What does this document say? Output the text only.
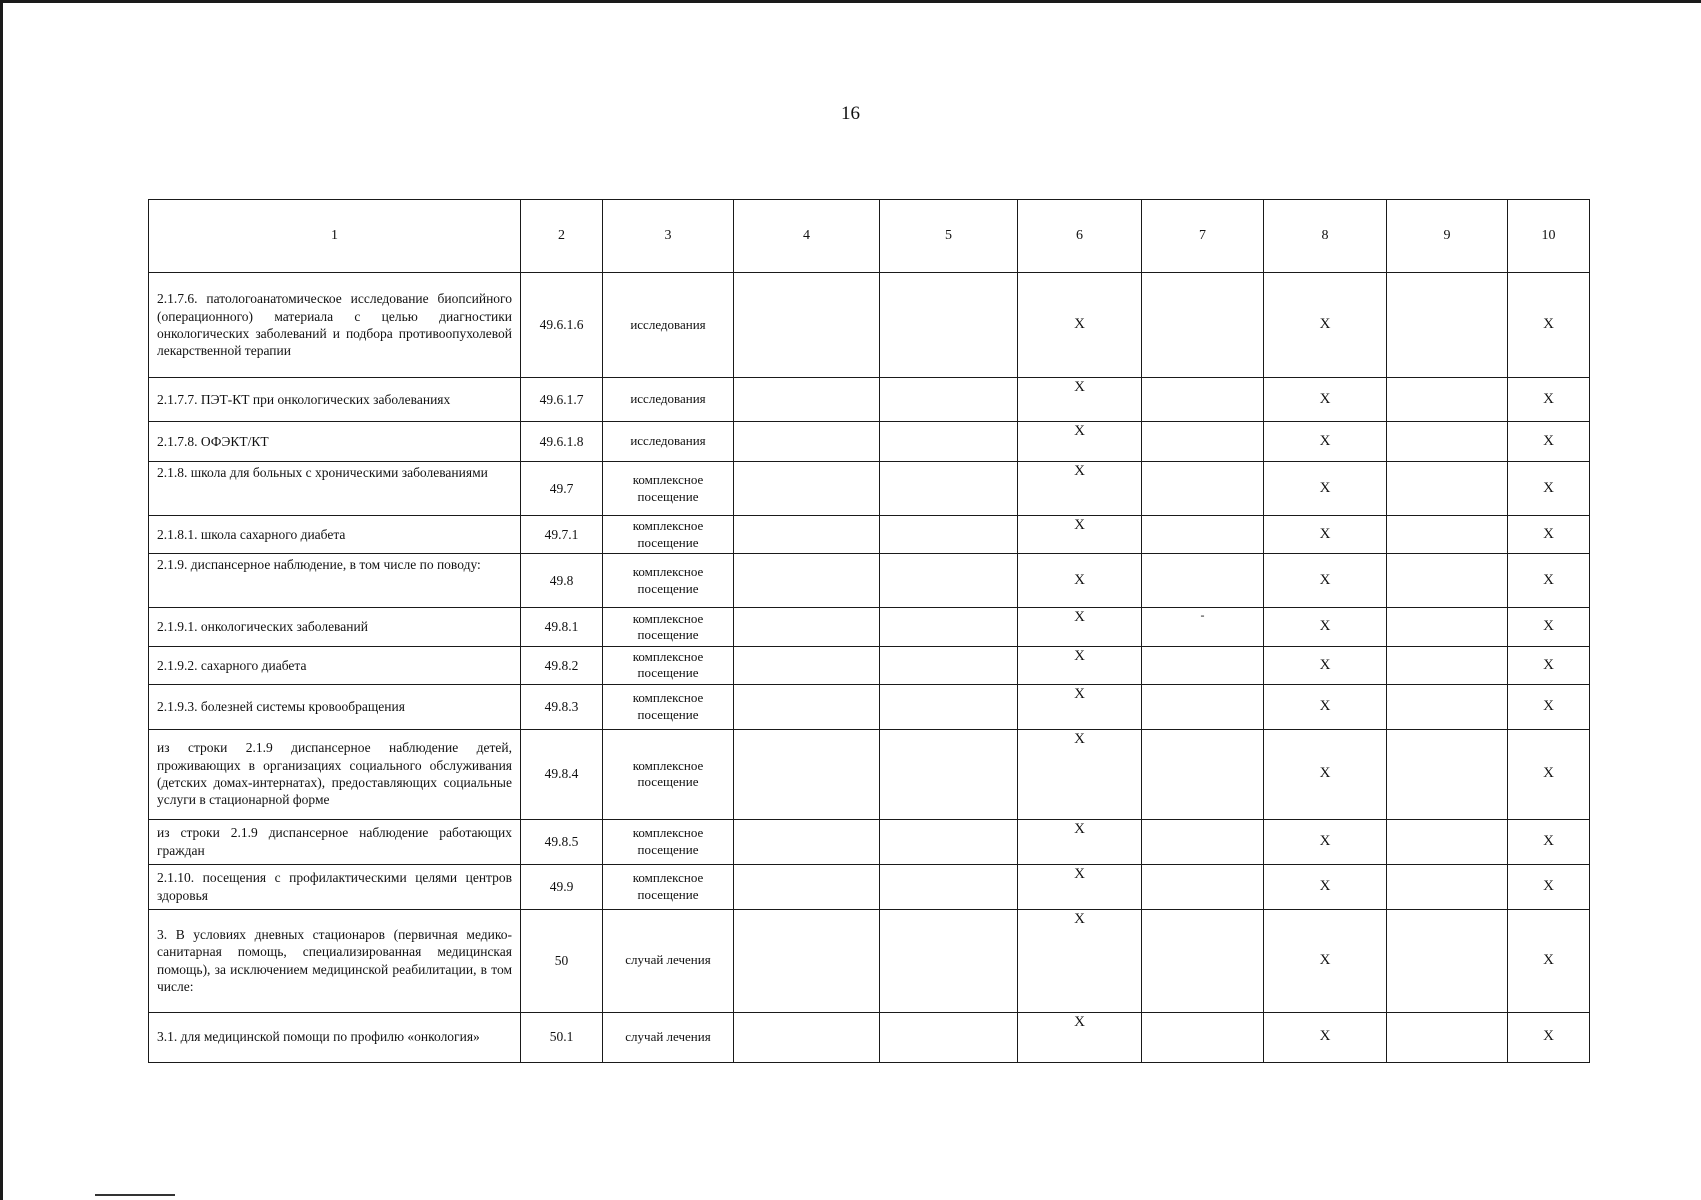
16
1	2	3	4	5	6	7	8	9	10
2.1.7.6. патологоанатомическое исследование биопсийного (операционного) материала с целью диагностики онкологических заболеваний и подбора противоопухолевой лекарственной терапии	49.6.1.6	исследования			X		X		X
2.1.7.7. ПЭТ-КТ при онкологических заболеваниях	49.6.1.7	исследования			X		X		X
2.1.7.8. ОФЭКТ/КТ	49.6.1.8	исследования			X		X		X
2.1.8. школа для больных с хроническими заболеваниями	49.7	комплексное посещение			X		X		X
2.1.8.1. школа сахарного диабета	49.7.1	комплексное посещение			X		X		X
2.1.9. диспансерное наблюдение, в том числе по поводу:	49.8	комплексное посещение			X		X		X
2.1.9.1. онкологических заболеваний	49.8.1	комплексное посещение			X	-	X		X
2.1.9.2. сахарного диабета	49.8.2	комплексное посещение			X		X		X
2.1.9.3. болезней системы кровообращения	49.8.3	комплексное посещение			X		X		X
из строки 2.1.9 диспансерное наблюдение детей, проживающих в организациях социального обслуживания (детских домах-интернатах), предоставляющих социальные услуги в стационарной форме	49.8.4	комплексное посещение			X		X		X
из строки 2.1.9 диспансерное наблюдение работающих граждан	49.8.5	комплексное посещение			X		X		X
2.1.10. посещения с профилактическими целями центров здоровья	49.9	комплексное посещение			X		X		X
3. В условиях дневных стационаров (первичная медико-санитарная помощь, специализированная медицинская помощь), за исключением медицинской реабилитации, в том числе:	50	случай лечения			X		X		X
3.1. для медицинской помощи по профилю «онкология»	50.1	случай лечения			X		X		X
